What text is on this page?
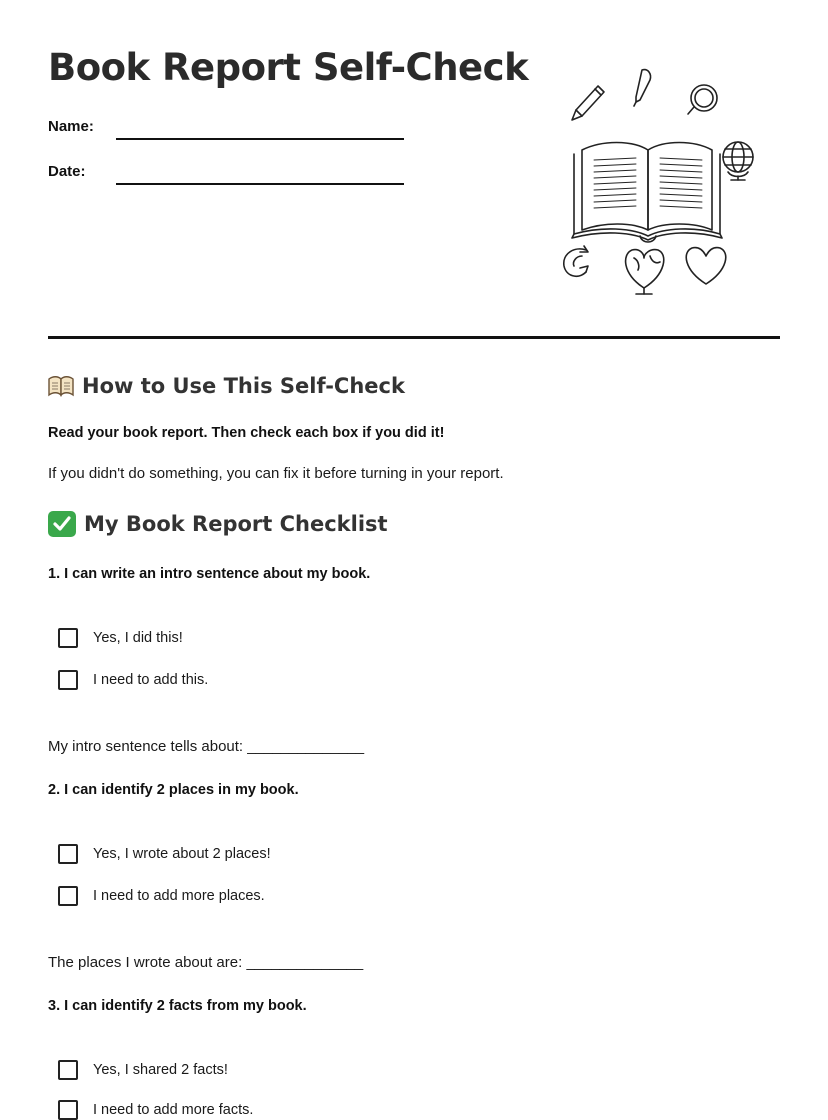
Book Report Self-Check
Name:
Date:
How to Use This Self-Check
Read your book report. Then check each box if you did it!
If you didn't do something, you can fix it before turning in your report.
My Book Report Checklist
1. I can write an intro sentence about my book.
Yes, I did this!
I need to add this.
My intro sentence tells about: ______________
2. I can identify 2 places in my book.
Yes, I wrote about 2 places!
I need to add more places.
The places I wrote about are: ______________
3. I can identify 2 facts from my book.
Yes, I shared 2 facts!
I need to add more facts.
